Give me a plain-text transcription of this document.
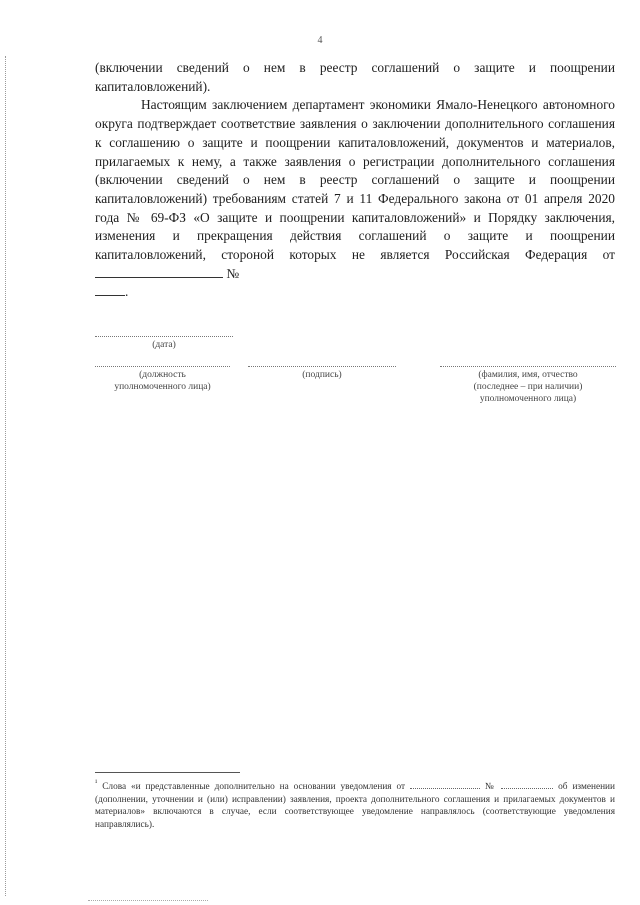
4

(включении сведений о нем в реестр соглашений о защите и поощрении капиталовложений).

Настоящим заключением департамент экономики Ямало-Ненецкого автономного округа подтверждает соответствие заявления о заключении дополнительного соглашения к соглашению о защите и поощрении капиталовложений, документов и материалов, прилагаемых к нему, а также заявления о регистрации дополнительного соглашения (включении сведений о нем в реестр соглашений о защите и поощрении капиталовложений) требованиям статей 7 и 11 Федерального закона от 01 апреля 2020 года № 69-ФЗ «О защите и поощрении капиталовложений» и Порядку заключения, изменения и прекращения действия соглашений о защите и поощрении капиталовложений, стороной которых не является Российская Федерация от  №
.

(дата)
(должность
уполномоченного лица)
(подпись)	(фамилия, имя, отчество
(последнее – при наличии)
уполномоченного лица)
$^{^1}$ Слова «и представленные дополнительно на основании уведомления от	№	об изменении (дополнении, уточнении и (или) исправлении) заявления, проекта дополнительного соглашения и прилагаемых документов и материалов» включаются в случае, если соответствующее уведомление направлялось (соответствующие уведомления направлялись).
